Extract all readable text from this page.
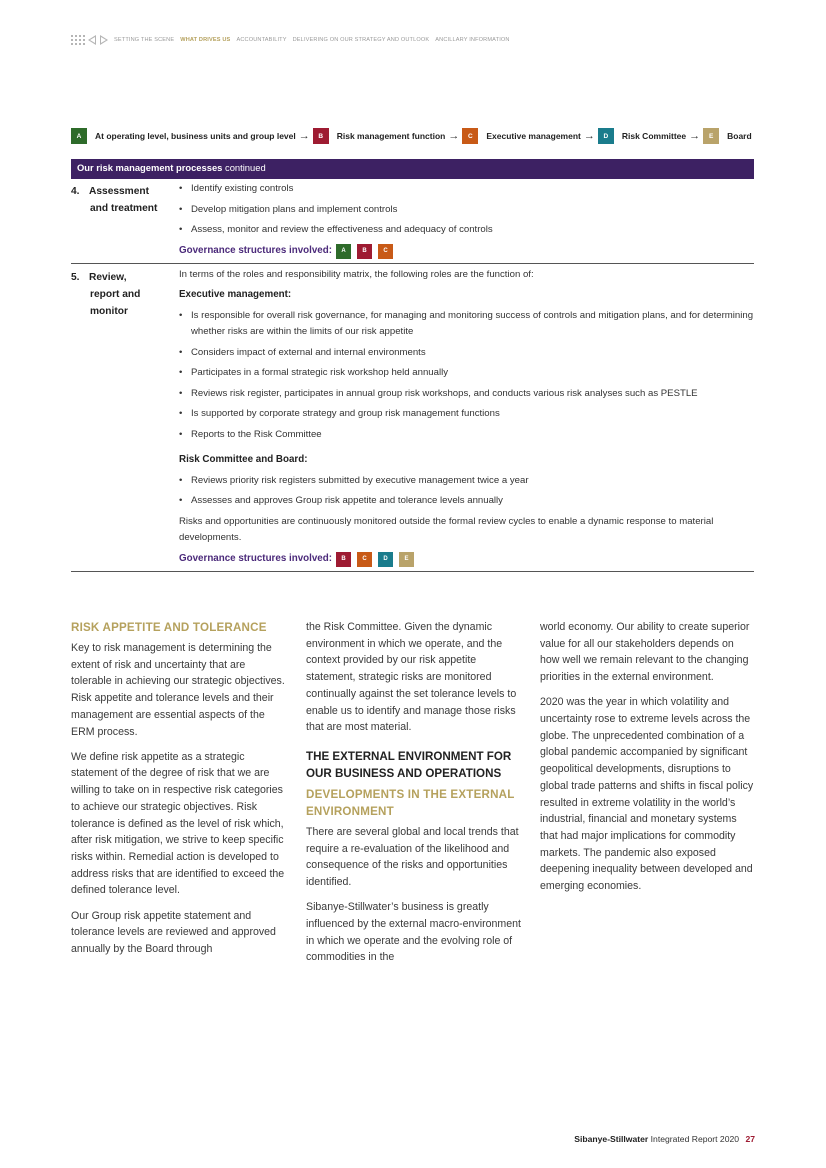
SETTING THE SCENE WHAT DRIVES US ACCOUNTABILITY DELIVERING ON OUR STRATEGY AND OUTLOOK ANCILLARY INFORMATION
A	At operating level, business units and group level →	B	Risk management function →	C	Executive management →	D	Risk Committee →	E	Board
Our risk management processes continued
4. Assessment
and treatment
• Identify existing controls
• Develop mitigation plans and implement controls
• Assess, monitor and review the effectiveness and adequacy of controls
Governance structures involved:	A	B	C
5. Review,
report and monitor
In terms of the roles and responsibility matrix, the following roles are the function of:
Executive management:
• Is responsible for overall risk governance, for managing and monitoring success of controls and mitigation plans, and for determining whether risks are within the limits of our risk appetite
• Considers impact of external and internal environments
• Participates in a formal strategic risk workshop held annually
• Reviews risk register, participates in annual group risk workshops, and conducts various risk analyses such as PESTLE
• Is supported by corporate strategy and group risk management functions
• Reports to the Risk Committee
Risk Committee and Board:
• Reviews priority risk registers submitted by executive management twice a year
• Assesses and approves Group risk appetite and tolerance levels annually
Risks and opportunities are continuously monitored outside the formal review cycles to enable a dynamic response to material developments.
Governance structures involved:	B	C	D	E
RISK APPETITE AND TOLERANCE

Key to risk management is determining the extent of risk and uncertainty that are tolerable in achieving our strategic objectives. Risk appetite and tolerance levels and their management are essential aspects of the ERM process.

We define risk appetite as a strategic statement of the degree of risk that we are willing to take on in respective risk categories to achieve our strategic objectives. Risk tolerance is defined as the level of risk which, after risk mitigation, we strive to keep specific risks within. Remedial action is developed to address risks that are identified to exceed the defined tolerance level.

Our Group risk appetite statement and tolerance levels are reviewed and approved annually by the Board through

the Risk Committee. Given the dynamic environment in which we operate, and the context provided by our risk appetite statement, strategic risks are monitored continually against the set tolerance levels to enable us to identify and manage those risks that are most material.

THE EXTERNAL ENVIRONMENT FOR OUR BUSINESS AND OPERATIONS
DEVELOPMENTS IN THE EXTERNAL ENVIRONMENT

There are several global and local trends that require a re-evaluation of the likelihood and consequence of the risks and opportunities identified.

Sibanye-Stillwater’s business is greatly influenced by the external macro-environment in which we operate and the evolving role of commodities in the

world economy. Our ability to create superior value for all our stakeholders depends on how well we remain relevant to the changing priorities in the external environment.

2020 was the year in which volatility and uncertainty rose to extreme levels across the globe. The unprecedented combination of a global pandemic accompanied by significant geopolitical developments, disruptions to global trade patterns and shifts in fiscal policy resulted in extreme volatility in the world’s industrial, financial and monetary systems that had major implications for commodity markets. The pandemic also exposed deepening inequality between developed and emerging economies.

Sibanye-Stillwater Integrated Report 2020 27
